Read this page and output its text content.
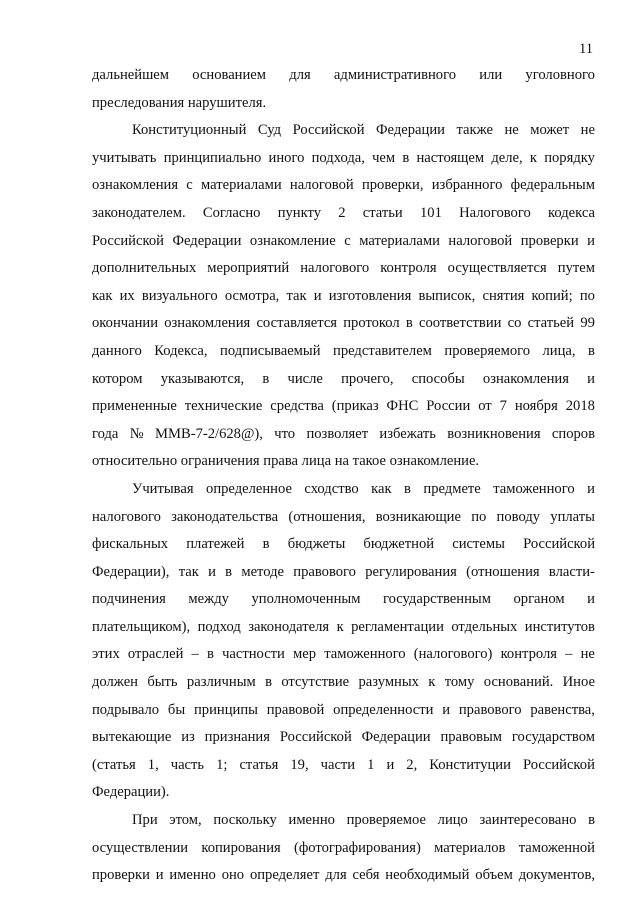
11
дальнейшем основанием для административного или уголовного
преследования нарушителя.
Конституционный Суд Российской Федерации также не может не
учитывать принципиально иного подхода, чем в настоящем деле, к порядку
ознакомления с материалами налоговой проверки, избранного федеральным
законодателем. Согласно пункту 2 статьи 101 Налогового кодекса
Российской Федерации ознакомление с материалами налоговой проверки и
дополнительных мероприятий налогового контроля осуществляется путем
как их визуального осмотра, так и изготовления выписок, снятия копий; по
окончании ознакомления составляется протокол в соответствии со статьей 99
данного Кодекса, подписываемый представителем проверяемого лица, в
котором указываются, в числе прочего, способы ознакомления и
примененные технические средства (приказ ФНС России от 7 ноября 2018
года № ММВ-7-2/628@), что позволяет избежать возникновения споров
относительно ограничения права лица на такое ознакомление.
Учитывая определенное сходство как в предмете таможенного и
налогового законодательства (отношения, возникающие по поводу уплаты
фискальных платежей в бюджеты бюджетной системы Российской
Федерации), так и в методе правового регулирования (отношения власти-
подчинения между уполномоченным государственным органом и
плательщиком), подход законодателя к регламентации отдельных институтов
этих отраслей – в частности мер таможенного (налогового) контроля – не
должен быть различным в отсутствие разумных к тому оснований. Иное
подрывало бы принципы правовой определенности и правового равенства,
вытекающие из признания Российской Федерации правовым государством
(статья 1, часть 1; статья 19, части 1 и 2, Конституции Российской
Федерации).
При этом, поскольку именно проверяемое лицо заинтересовано в
осуществлении копирования (фотографирования) материалов таможенной
проверки и именно оно определяет для себя необходимый объем документов,
